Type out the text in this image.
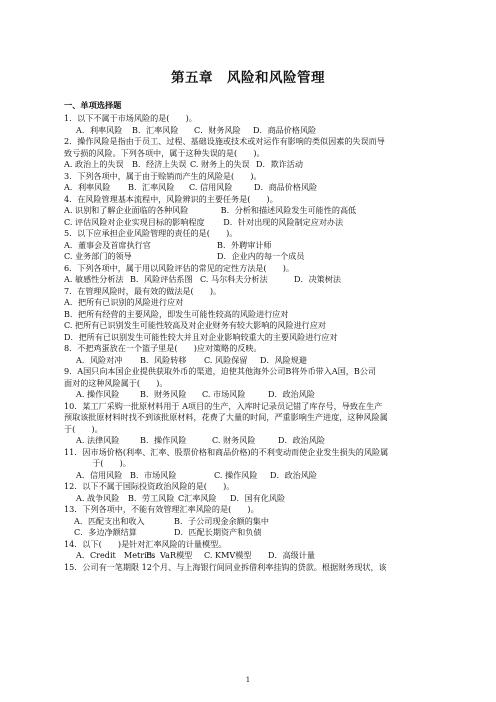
第五章　风险和风险管理
一、单项选择题
1．以下不属于市场风险的是(　　)。
A．利率风险 B．汇率风险 C．财务风险 D．商品价格风险
2．操作风险是指由于员工、过程、基础设施或技术或对运作有影响的类似因素的失误而导
致亏损的风险。下列各项中，属于这种失误的是(　　)。
A. 政治上的失误 B．经济上失误 C. 财务上的失误 D．欺诈活动
3．下列各项中，属于由于赊销而产生的风险是(　　)。
A．利率风险 B．汇率风险 C. 信用风险	D．商品价格风险
4．在风险管理基本流程中，风险辨识的主要任务是(　　)。
A. 识别和了解企业面临的各种风险　　　　B．分析和描述风险发生可能性的高低
C. 评估风险对企业实现目标的影响程度　　 D．针对出现的风险制定应对办法
5．以下应承担企业风险管理的责任的是(　　)。
A．董事会及首席执行官	B．外聘审计师
C. 业务部门的领导	D．企业内的每一个成员
6．下列各项中，属于用以风险评估的常见的定性方法是(　　)。
A. 敏感性分析法 B．风险评估系图 C. 马尔科夫分析法	D．决策树法
7．在管理风险时，最有效的做法是(　　)。
A．把所有已识别的风险进行应对
B．把所有经营的主要风险，即发生可能性较高的风险进行应对
C. 把所有已识别发生可能性较高及对企业财务有较大影响的风险进行应对
D．把所有已识别发生可能性较大并且对企业影响较重大的主要风险进行应对
8．不把鸡蛋放在一个篮子里是(　　)应对策略的反映。
A．风险对冲 B．风险转移 C. 风险保留 D．风险规避
9．A国只向本国企业提供获取外币的渠道，迫使其他海外公司B将外币带入A国，B公司
面对的这种风险属于(　　)。
A. 操作风险	B．财务风险 C. 市场风险	D．政治风险
10．某工厂采购一批原材料用于 A项目的生产，入库时记录员记错了库存号，导致在生产
预取该批原材料时找不到该批原材料，花费了大量的时间，严重影响生产进度，这种风险属
于(　　)。
A. 法律风险	B．操作风险	C. 财务风险	D．政治风险
11．因市场价格(利率、汇率、股票价格和商品价格)的不利变动而使企业发生损失的风险属
　　于(　　)。
A．信用风险 B．市场风险	C. 操作风险 D．政治风险
12．以下不属于国际投资政治风险的是(　　)。
A. 战争风险 B．劳工风险 C汇率风险 D．国有化风险
13．下列各项中，不能有效管理汇率风险的是(　　)。
A．匹配支出和收入	B．子公司现金余额的集中
C．多边净额结算	D．匹配长期资产和负债
14．以下(　　)是针对汇率风险的计量模型。
A．Credit　Metrics
B．VaR模型 C. KMV模型 D．高级计量
15．公司有一笔期限 12个月、与上海银行间同业拆借利率挂钩的贷款。根据财务现状，该
1
